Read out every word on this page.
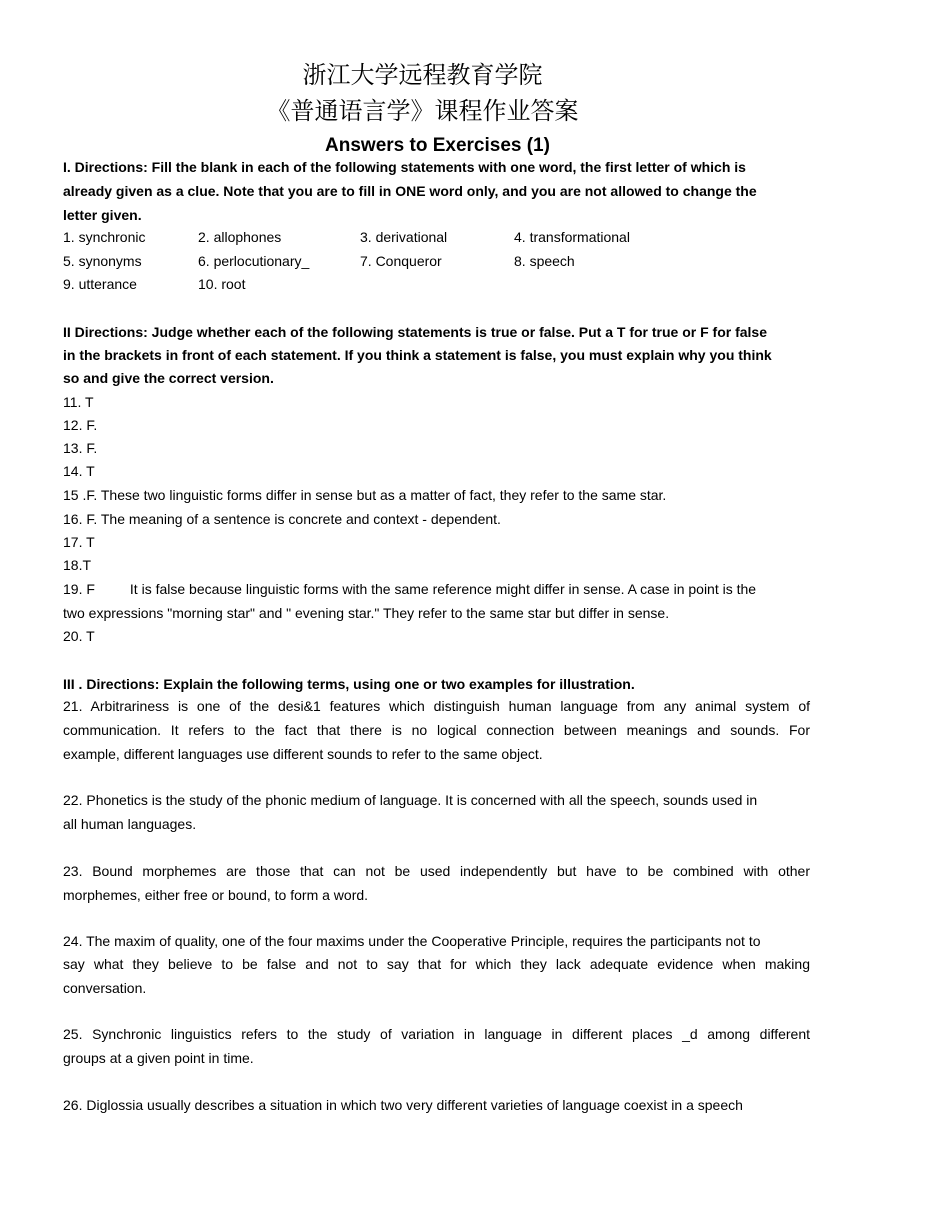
浙江大学远程教育学院
《普通语言学》课程作业答案
Answers to Exercises (1)
I. Directions: Fill the blank in each of the following statements with one word, the first letter of which is
already given as a clue. Note that you are to fill in ONE word only, and you are not allowed to change the
letter given.
1. synchronic	2. allophones	3. derivational	4. transformational
5. synonyms	6. perlocutionary_	7. Conqueror	8. speech
9. utterance	10. root
II Directions: Judge whether each of the following statements is true or false. Put a T for true or F for false
in the brackets in front of each statement. If you think a statement is false, you must explain why you think
so and give the correct version.
11. T
12. F.
13. F.
14. T
15 .F. These two linguistic forms differ in sense but as a matter of fact, they refer to the same star.
16. F. The meaning of a sentence is concrete and context - dependent.
17. T
18.T
19. F         It is false because linguistic forms with the same reference might differ in sense. A case in point is the
two expressions "morning star" and " evening star." They refer to the same star but differ in sense.
20. T
III . Directions: Explain the following terms, using one or two examples for illustration.
21. Arbitrariness is one of the desi&1 features which distinguish human language from any animal system of
communication. It refers to the fact that there is no logical connection between meanings and sounds. For
example, different languages use different sounds to refer to the same object.
22. Phonetics is the study of the phonic medium of language. It is concerned with all the speech, sounds used in
all human languages.
23. Bound morphemes are those that can not be used independently but have to be combined with other
morphemes, either free or bound, to form a word.
24. The maxim of quality, one of the four maxims under the Cooperative Principle, requires the participants not to
say what they believe to be false and not to say that for which they lack adequate evidence when making
conversation.
25. Synchronic linguistics refers to the study of variation in language in different places _d among different
groups at a given point in time.
26. Diglossia usually describes a situation in which two very different varieties of language coexist in a speech
